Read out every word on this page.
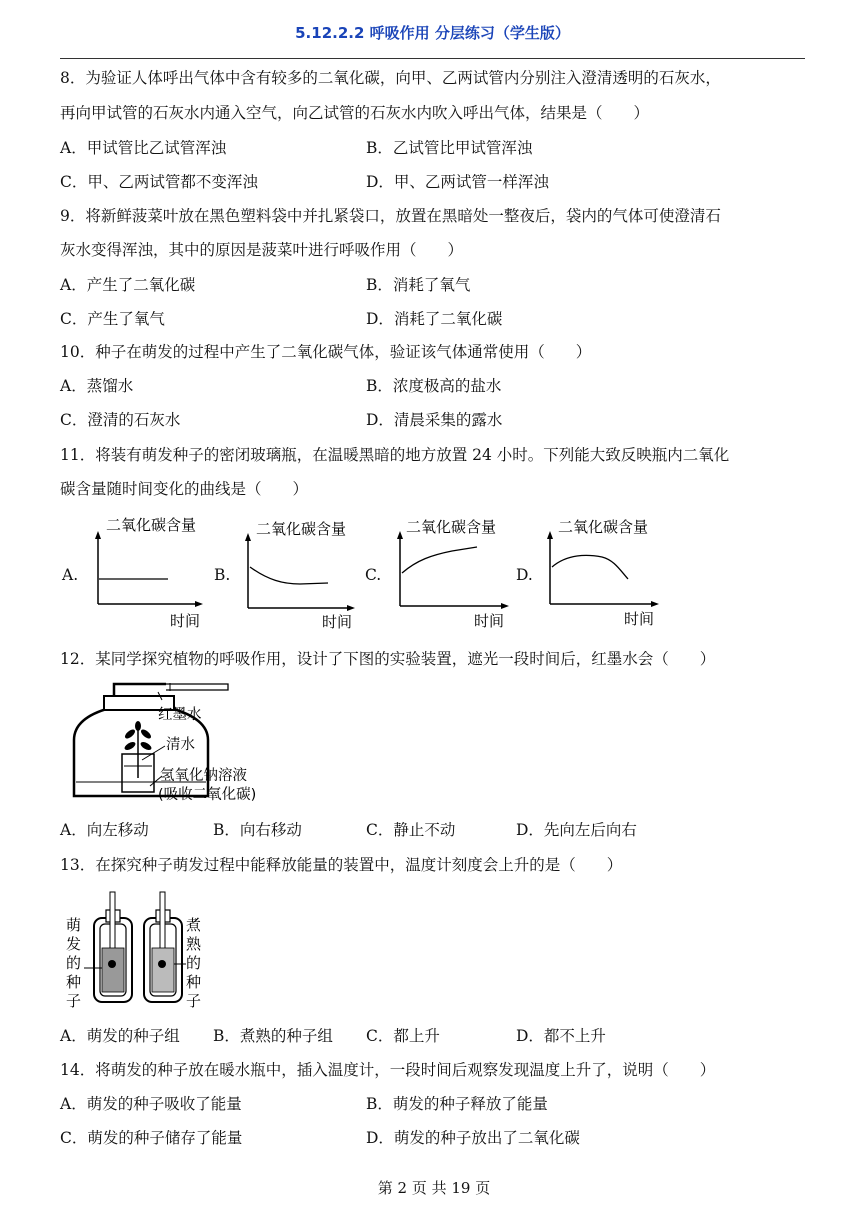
5.12.2.2 呼吸作用 分层练习（学生版）
8．为验证人体呼出气体中含有较多的二氧化碳，向甲、乙两试管内分别注入澄清透明的石灰水，
再向甲试管的石灰水内通入空气，向乙试管的石灰水内吹入呼出气体，结果是（　　）
A．甲试管比乙试管浑浊	B．乙试管比甲试管浑浊
C．甲、乙两试管都不变浑浊	D．甲、乙两试管一样浑浊
9．将新鲜菠菜叶放在黑色塑料袋中并扎紧袋口，放置在黑暗处一整夜后，袋内的气体可使澄清石
灰水变得浑浊，其中的原因是菠菜叶进行呼吸作用（　　）
A．产生了二氧化碳	B．消耗了氧气
C．产生了氧气	D．消耗了二氧化碳
10．种子在萌发的过程中产生了二氧化碳气体，验证该气体通常使用（　　）
A．蒸馏水	B．浓度极高的盐水
C．澄清的石灰水	D．清晨采集的露水
11．将装有萌发种子的密闭玻璃瓶，在温暖黑暗的地方放置 24 小时。下列能大致反映瓶内二氧化
碳含量随时间变化的曲线是（　　）
A.
二氧化碳含量
时间
B.
二氧化碳含量
时间
C.
二氧化碳含量
时间
D.
二氧化碳含量
时间
12．某同学探究植物的呼吸作用，设计了下图的实验装置，遮光一段时间后，红墨水会（　　）
红墨水
清水
氢氧化钠溶液
(吸收二氧化碳)
A．向左移动	B．向右移动	C．静止不动	D．先向左后向右
13．在探究种子萌发过程中能释放能量的装置中，温度计刻度会上升的是（　　）
萌
发
的
种
子
煮
熟
的
种
子
A．萌发的种子组 B．煮熟的种子组 C．都上升	D．都不上升
14．将萌发的种子放在暖水瓶中，插入温度计，一段时间后观察发现温度上升了，说明（　　）
A．萌发的种子吸收了能量	B．萌发的种子释放了能量
C．萌发的种子储存了能量	D．萌发的种子放出了二氧化碳
第 2 页 共 19 页
